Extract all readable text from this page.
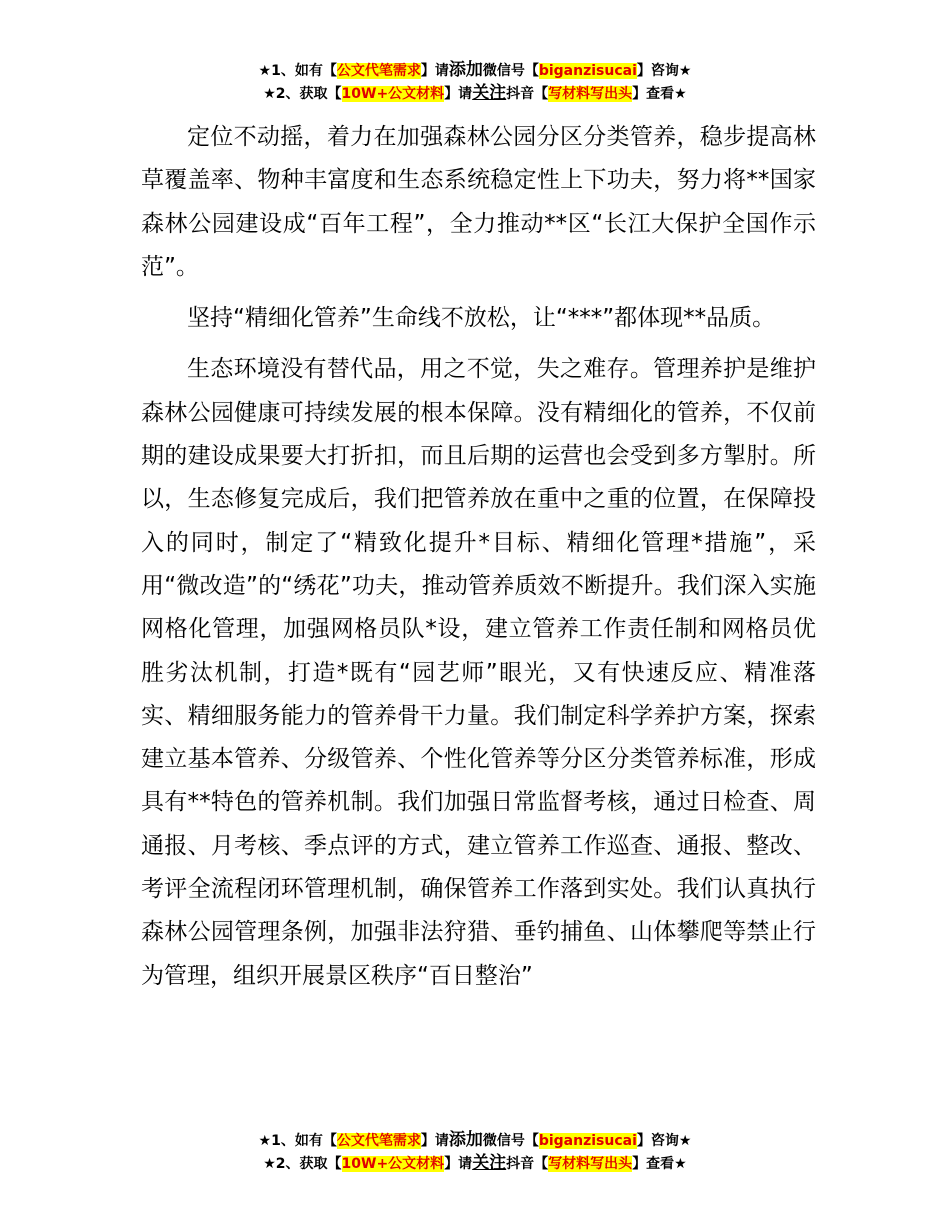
★1、如有【公文代笔需求】请添加微信号【biganzisucai】咨询★
★2、获取【10W+公文材料】请关注抖音【写材料写出头】查看★

定位不动摇，着力在加强森林公园分区分类管养，稳步提高林草覆盖率、物种丰富度和生态系统稳定性上下功夫，努力将**国家森林公园建设成“百年工程”，全力推动**区“长江大保护全国作示范”。

坚持“精细化管养”生命线不放松，让“***”都体现**品质。

生态环境没有替代品，用之不觉，失之难存。管理养护是维护森林公园健康可持续发展的根本保障。没有精细化的管养，不仅前期的建设成果要大打折扣，而且后期的运营也会受到多方掣肘。所以，生态修复完成后，我们把管养放在重中之重的位置，在保障投入的同时，制定了“精致化提升*目标、精细化管理*措施”，采用“微改造”的“绣花”功夫，推动管养质效不断提升。我们深入实施网格化管理，加强网格员队*设，建立管养工作责任制和网格员优胜劣汰机制，打造*既有“园艺师”眼光，又有快速反应、精准落实、精细服务能力的管养骨干力量。我们制定科学养护方案，探索建立基本管养、分级管养、个性化管养等分区分类管养标准，形成具有**特色的管养机制。我们加强日常监督考核，通过日检查、周通报、月考核、季点评的方式，建立管养工作巡查、通报、整改、考评全流程闭环管理机制，确保管养工作落到实处。我们认真执行森林公园管理条例，加强非法狩猎、垂钓捕鱼、山体攀爬等禁止行为管理，组织开展景区秩序“百日整治”

★1、如有【公文代笔需求】请添加微信号【biganzisucai】咨询★
★2、获取【10W+公文材料】请关注抖音【写材料写出头】查看★
